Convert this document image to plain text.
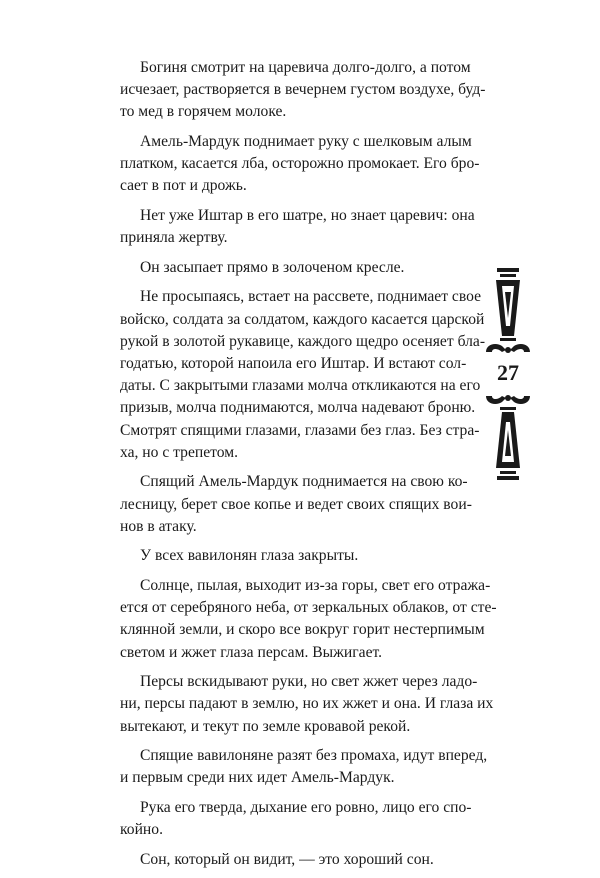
Богиня смотрит на царевича долго-долго, а потом
исчезает, растворяется в вечернем густом воздухе, буд-
то мед в горячем молоке.

Амель-Мардук поднимает руку с шелковым алым
платком, касается лба, осторожно промокает. Его бро-
сает в пот и дрожь.

Нет уже Иштар в его шатре, но знает царевич: она
приняла жертву.

Он засыпает прямо в золоченом кресле.

Не просыпаясь, встает на рассвете, поднимает свое
войско, солдата за солдатом, каждого касается царской
рукой в золотой рукавице, каждого щедро осеняет бла-
годатью, которой напоила его Иштар. И встают сол-
даты. С закрытыми глазами молча откликаются на его
призыв, молча поднимаются, молча надевают броню.
Смотрят спящими глазами, глазами без глаз. Без стра-
ха, но с трепетом.

Спящий Амель-Мардук поднимается на свою ко-
лесницу, берет свое копье и ведет своих спящих вои-
нов в атаку.

У всех вавилонян глаза закрыты.

Солнце, пылая, выходит из-за горы, свет его отража-
ется от серебряного неба, от зеркальных облаков, от сте-
клянной земли, и скоро все вокруг горит нестерпимым
светом и жжет глаза персам. Выжигает.

Персы вскидывают руки, но свет жжет через ладо-
ни, персы падают в землю, но их жжет и она. И глаза их
вытекают, и текут по земле кровавой рекой.

Спящие вавилоняне разят без промаха, идут вперед,
и первым среди них идет Амель-Мардук.

Рука его тверда, дыхание его ровно, лицо его спо-
койно.

Сон, который он видит, — это хороший сон.

27
